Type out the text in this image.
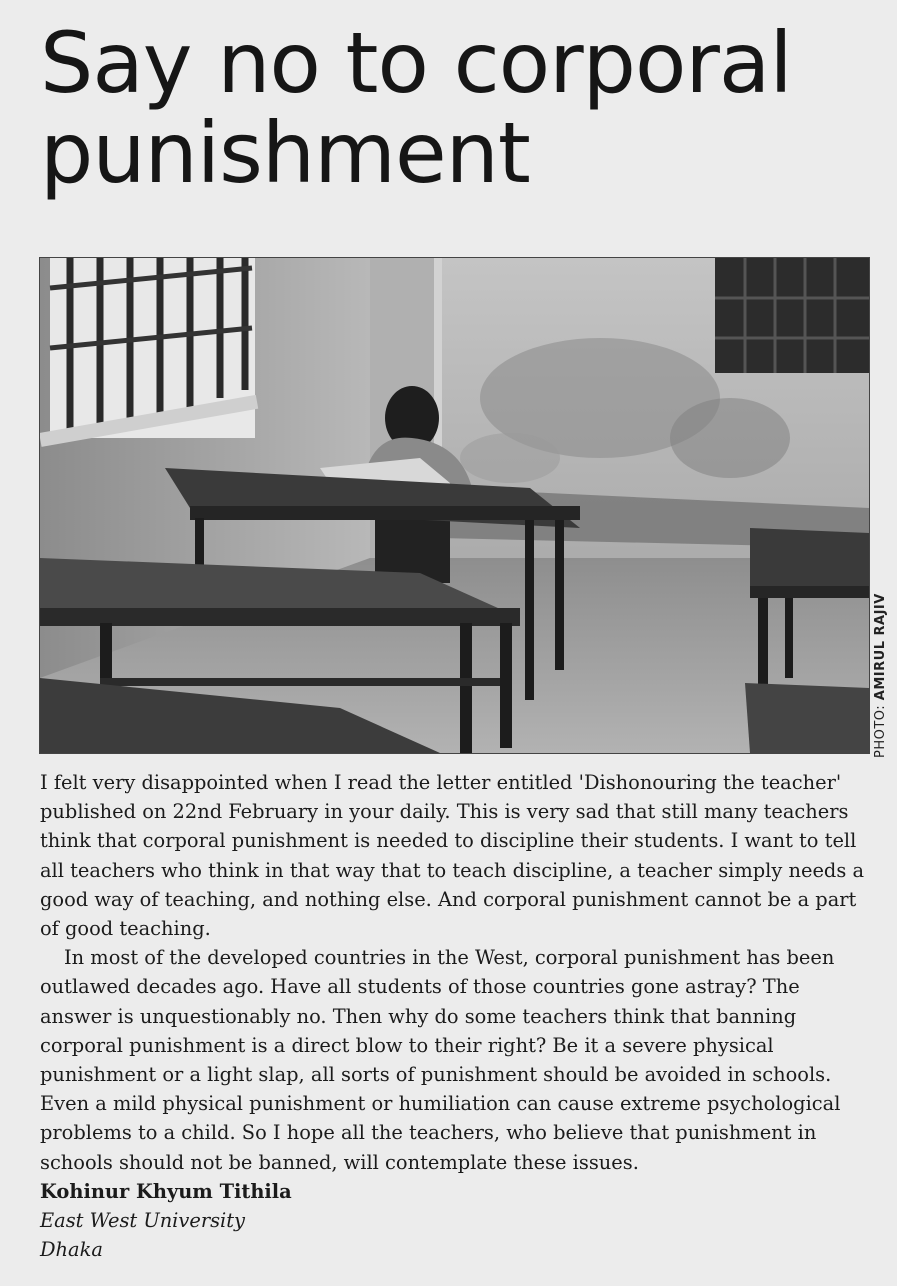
Say no to corporal punishment
PHOTO: AMIRUL RAJIV

I felt very disappointed when I read the letter entitled 'Dishonouring the teacher' published on 22nd February in your daily. This is very sad that still many teachers think that corporal punishment is needed to discipline their students. I want to tell all teachers who think in that way that to teach discipline, a teacher simply needs a good way of teaching, and nothing else. And corporal punishment cannot be a part of good teaching.

In most of the developed countries in the West, corporal punishment has been outlawed decades ago. Have all students of those countries gone astray? The answer is unquestionably no. Then why do some teachers think that banning corporal punishment is a direct blow to their right? Be it a severe physical punishment or a light slap, all sorts of punishment should be avoided in schools. Even a mild physical punishment or humiliation can cause extreme psychological problems to a child. So I hope all the teachers, who believe that punishment in schools should not be banned, will contemplate these issues.

Kohinur Khyum Tithila

East West University

Dhaka
